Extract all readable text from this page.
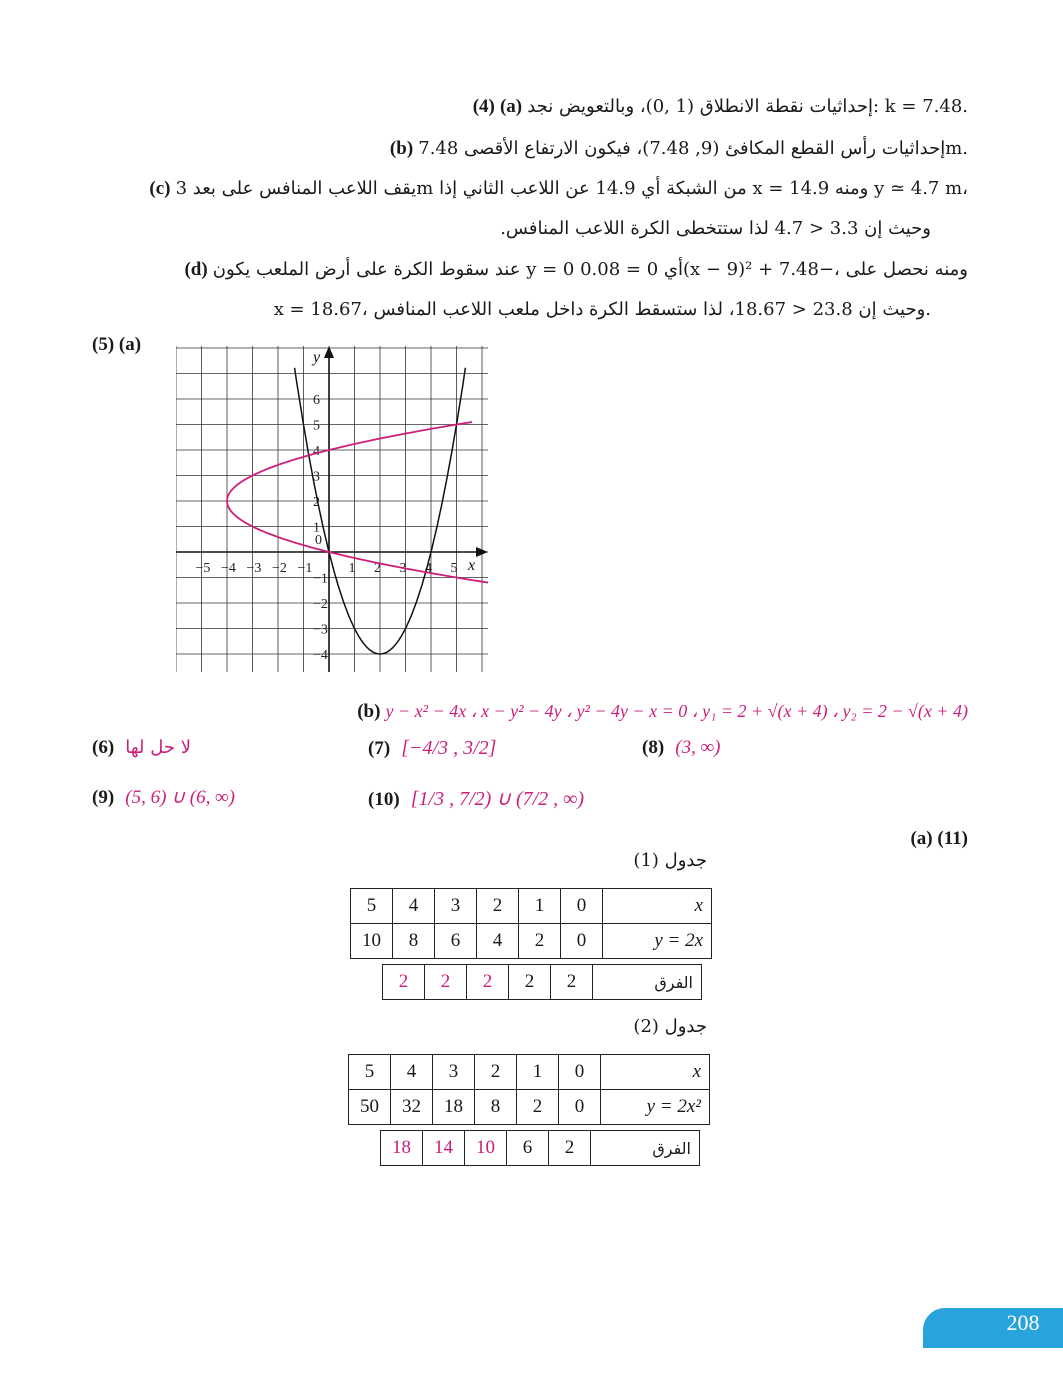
(4) (a) إحداثيات نقطة الانطلاق (1 ,0)، وبالتعويض نجد: k = 7.48.
(b) إحداثيات رأس القطع المكافئ (9, 7.48)، فيكون الارتفاع الأقصى 7.48m.
(c) يقف اللاعب المنافس على بعد 3m من الشبكة أي 14.9 عن اللاعب الثاني إذا x = 14.9 ومنه y ≃ 4.7 m،
وحيث إن 3.3 < 4.7 لذا ستتخطى الكرة اللاعب المنافس.
(d) عند سقوط الكرة على أرض الملعب يكون y = 0 أي 0 = 0.08(x − 9)² + 7.48−، ومنه نحصل على
x = 18.67، وحيث إن 23.8 < 18.67، لذا ستسقط الكرة داخل ملعب اللاعب المنافس.
(5) (a)
−5 −4 −3 −2 −1	1 2 3 4 5
−4
−3
−2
−1
1
2
3
4
5
6
0
x
y
(b) y − x² − 4x ، x − y² − 4y ، y² − 4y − x = 0 ، y₁ = 2 + √(x + 4) ، y₂ = 2 − √(x + 4)
(6) لا حل لها	(7) [−4/3 , 3/2]	(8) (3, ∞)
(9) (5, 6) ∪ (6, ∞)	(10) [1/3 , 7/2) ∪ (7/2 , ∞)
(a) (11)
جدول (1)
5	4	3	2	1	0	x
10	8	6	4	2	0	y = 2x
2	2	2	2	2	الفرق
جدول (2)
5	4	3	2	1	0	x
50	32	18	8	2	0	y = 2x²
18	14	10	6	2	الفرق
208
